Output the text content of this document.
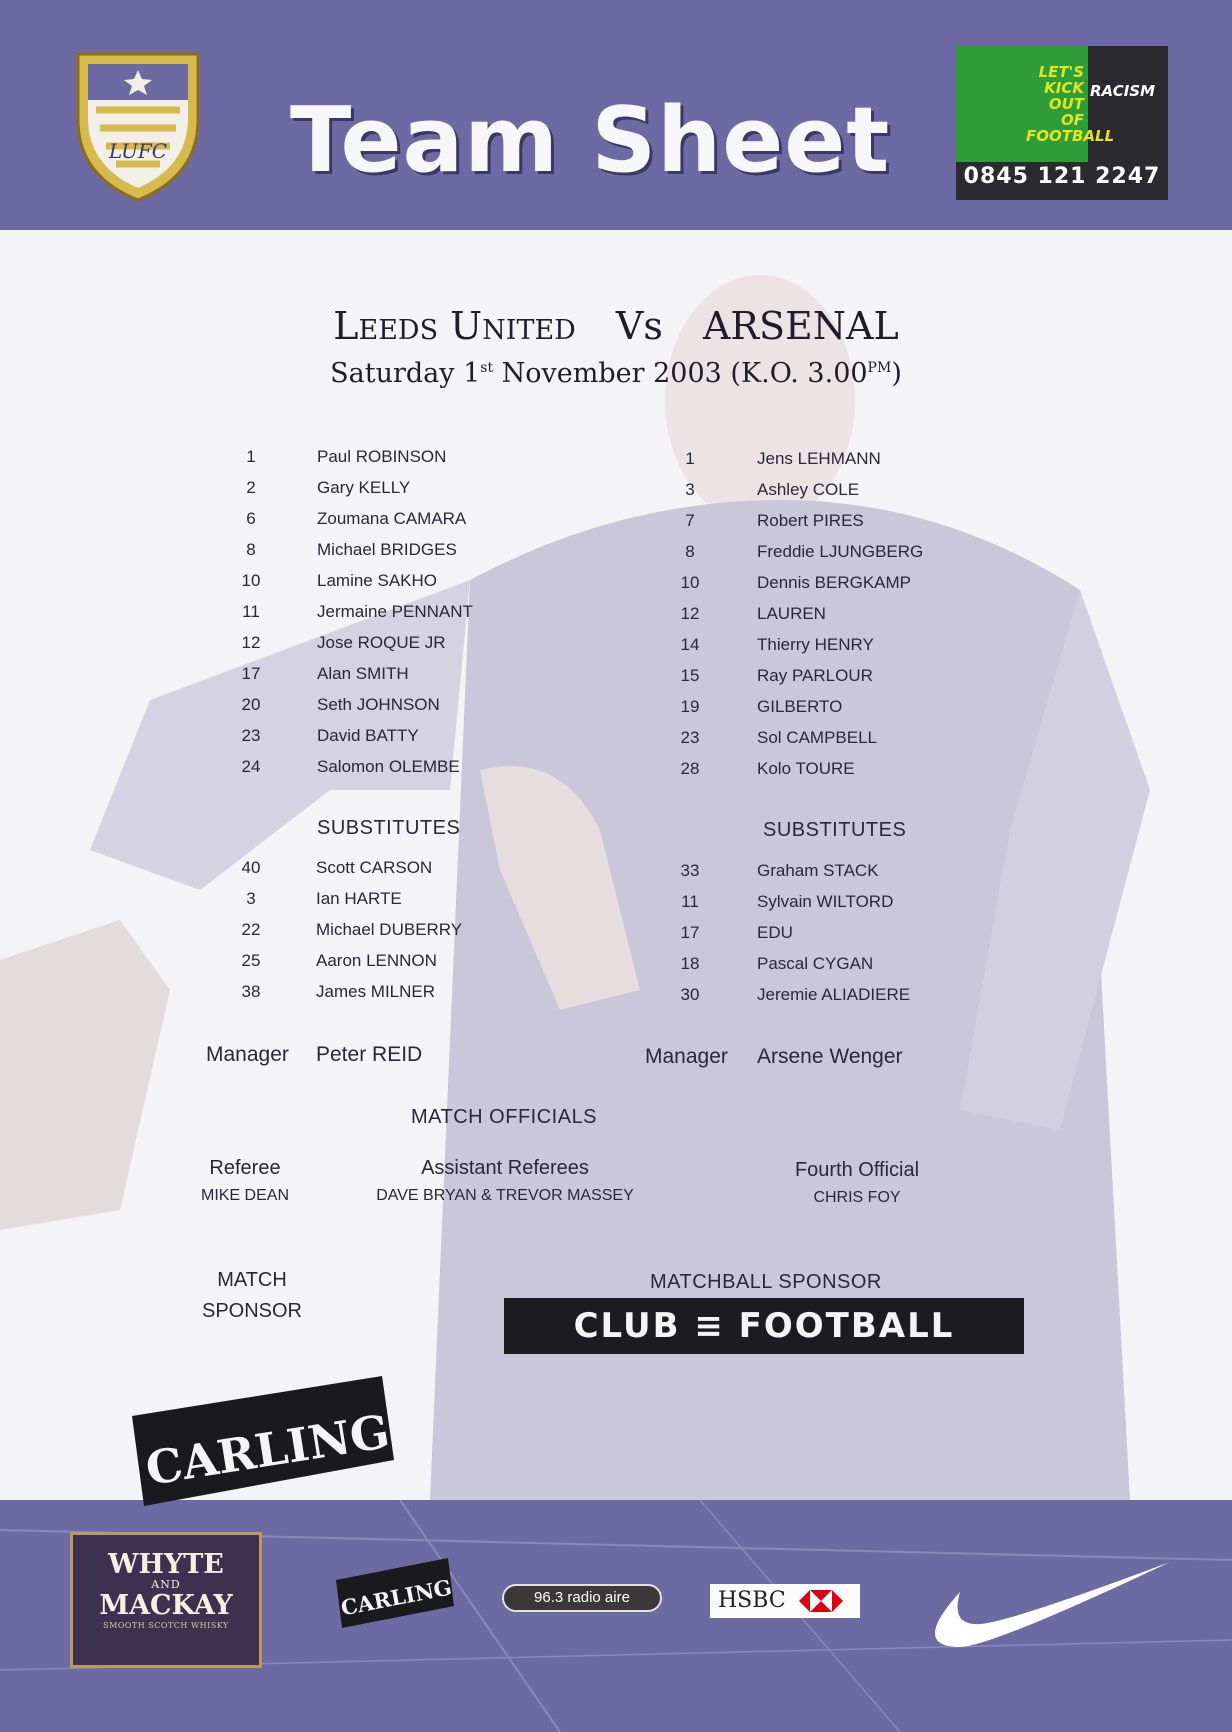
LUFC Team Sheet
LET'S
KICK
OUT OF
FOOTBALL
RACISM
0845 121 2247
Leeds United Vs ARSENAL
Saturday 1st November 2003 (K.O. $3.00^{PM}$)
1	Paul ROBINSON
2	Gary KELLY
6	Zoumana CAMARA
8	Michael BRIDGES
10	Lamine SAKHO
11	Jermaine PENNANT
12	Jose ROQUE JR
17	Alan SMITH
20	Seth JOHNSON
23	David BATTY
24	Salomon OLEMBE
1	Jens LEHMANN
3	Ashley COLE
7	Robert PIRES
8	Freddie LJUNGBERG
10	Dennis BERGKAMP
12	LAUREN
14	Thierry HENRY
15	Ray PARLOUR
19	GILBERTO
23	Sol CAMPBELL
28	Kolo TOURE
SUBSTITUTES	SUBSTITUTES
40	Scott CARSON
3	Ian HARTE
22	Michael DUBERRY
25	Aaron LENNON
38	James MILNER
33	Graham STACK
11	Sylvain WILTORD
17	EDU
18	Pascal CYGAN
30	Jeremie ALIADIERE
Manager Peter REID	Manager Arsene Wenger
MATCH OFFICIALS
Referee
MIKE DEAN
Assistant Referees
DAVE BRYAN & TREVOR MASSEY
Fourth Official
CHRIS FOY
MATCH
SPONSOR
MATCHBALL SPONSOR
CLUB ≡ FOOTBALL
CARLING
WHYTE
AND
MACKAY
SMOOTH SCOTCH WHISKY
CARLING	96.3 radio aire	HSBC
